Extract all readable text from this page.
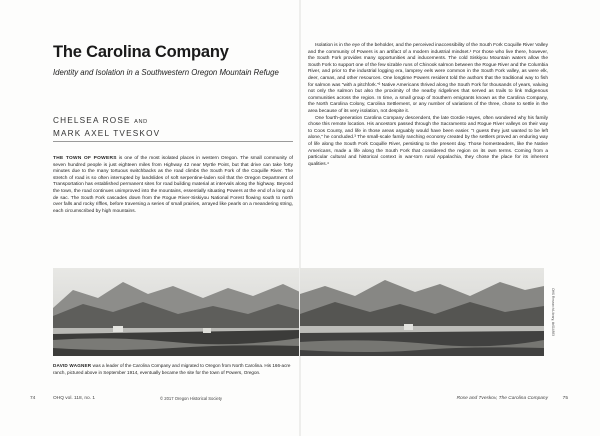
The Carolina Company
Identity and Isolation in a Southwestern Oregon Mountain Refuge
CHELSEA ROSE AND
MARK AXEL TVESKOV
THE TOWN OF POWERS is one of the most isolated places in western Oregon. The small community of seven hundred people is just eighteen miles from Highway 42 near Myrtle Point, but that drive can take forty minutes due to the many tortuous switchbacks as the road climbs the South Fork of the Coquille River. The stretch of road is so often interrupted by landslides of soft serpentine-laden soil that the Oregon Department of Transportation has established permanent sites for road building material at intervals along the highway. Beyond the town, the road continues unimproved into the mountains, essentially situating Powers at the end of a long cul de sac. The South Fork cascades down from the Rogue River-Siskiyou National Forest flowing south to north over falls and rocky riffles, before traversing a series of small prairies, arrayed like pearls on a meandering string, each circumscribed by high mountains.
DAVID WAGNER was a leader of the Carolina Company and migrated to Oregon from North Carolina. His 166-acre ranch, pictured above in September 1914, eventually became the site for the town of Powers, Oregon.
74	OHQ vol. 118, no. 1	© 2017 Oregon Historical Society

Isolation is in the eye of the beholder, and the perceived inaccessibility of the South Fork Coquille River Valley and the community of Powers is an artifact of a modern industrial mindset.¹ For those who live there, however, the South Fork provides many opportunities and inducements. The cold Siskiyou Mountain waters allow the South Fork to support one of the few sizable runs of Chinook salmon between the Rogue River and the Columbia River, and prior to the industrial logging era, lamprey eels were common in the South Fork valley, as were elk, deer, camas, and other resources. One longtime Powers resident told the authors that the traditional way to fish for salmon was "with a pitchfork."² Native Americans thrived along the South Fork for thousands of years, valuing not only the salmon but also the proximity of the nearby ridgelines that served as trails to link Indigenous communities across the region. In time, a small group of Southern emigrants known as the Carolina Company, the North Carolina Colony, Carolina Settlement, or any number of variations of the three, chose to settle in the area because of its very isolation, not despite it.

One fourth-generation Carolina Company descendent, the late Gordie Hayes, often wondered why his family chose this remote location. His ancestors passed through the Sacramento and Rogue River valleys on their way to Coos County, and life in those areas arguably would have been easier. "I guess they just wanted to be left alone," he concluded.³ The small-scale family ranching economy created by the settlers proved an enduring way of life along the South Fork Coquille River, persisting to the present day. Those homesteaders, like the Native Americans, made a life along the South Fork that considered the region on its own terms. Coming from a particular cultural and historical context in war-torn rural Appalachia, they chose the place for its inherent qualities.⁴

OHS Research Library, bb014893
Rose and Tveskov, The Carolina Company	75
